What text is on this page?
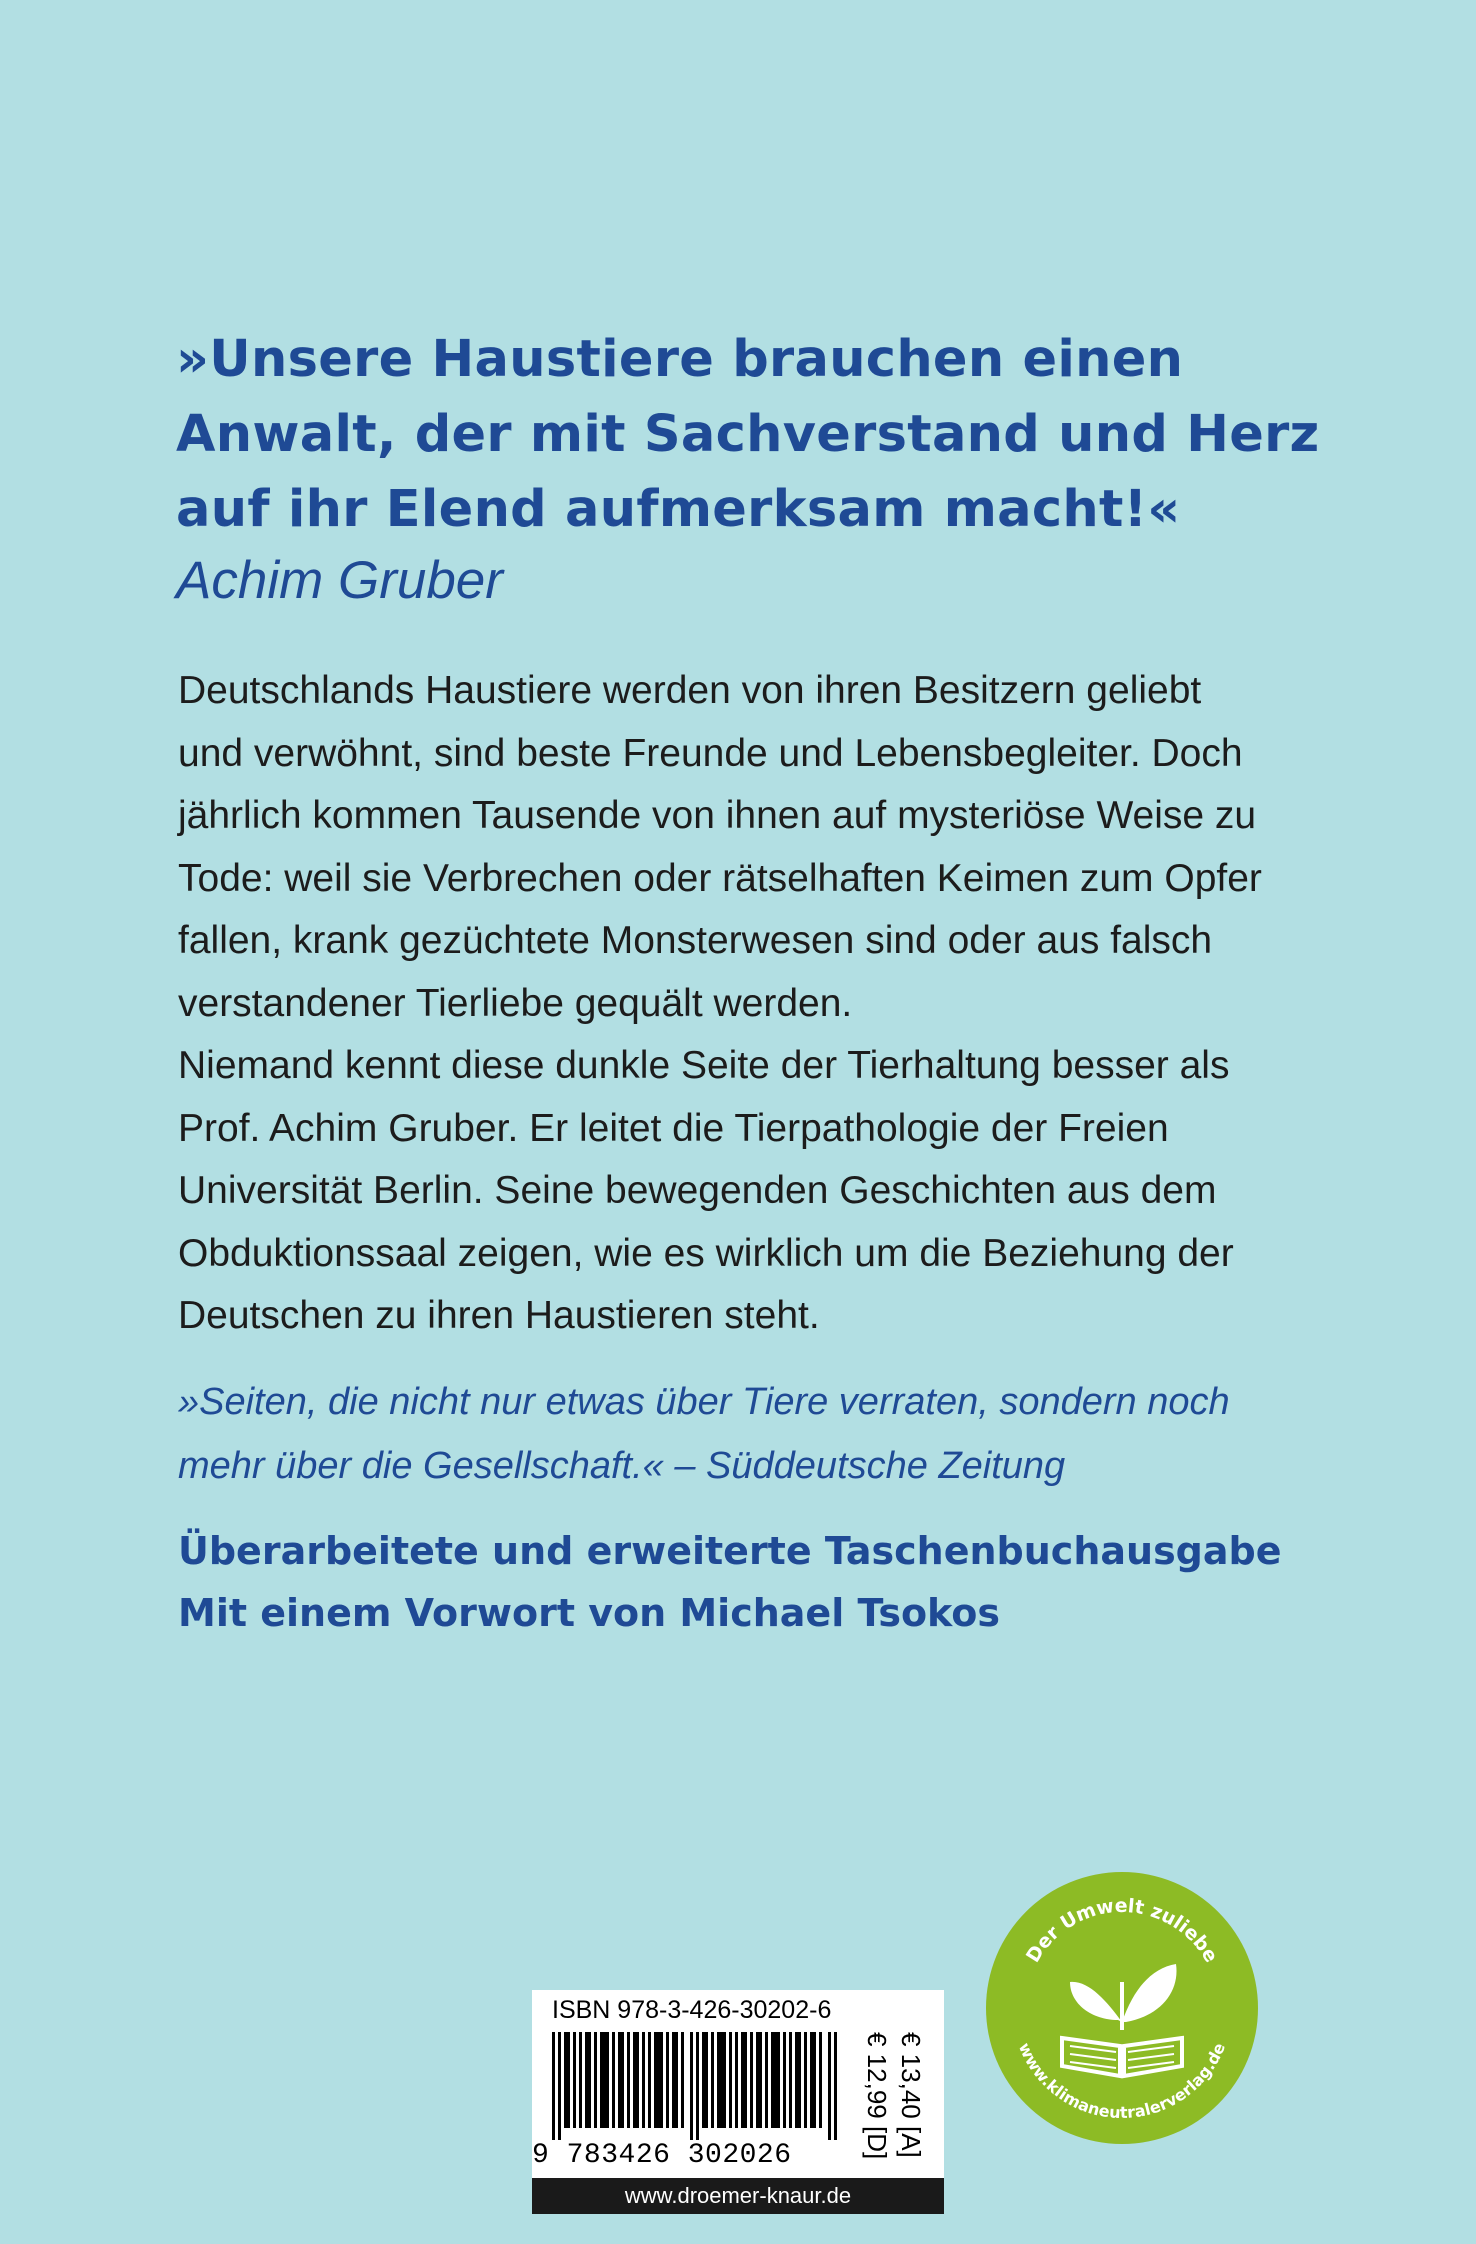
»Unsere Haustiere brauchen einen
Anwalt, der mit Sachverstand und Herz
auf ihr Elend aufmerksam macht!«
Achim Gruber

Deutschlands Haustiere werden von ihren Besitzern geliebt
und verwöhnt, sind beste Freunde und Lebensbegleiter. Doch
jährlich kommen Tausende von ihnen auf mysteriöse Weise zu
Tode: weil sie Verbrechen oder rätselhaften Keimen zum Opfer
fallen, krank gezüchtete Monsterwesen sind oder aus falsch
verstandener Tierliebe gequält werden.

Niemand kennt diese dunkle Seite der Tierhaltung besser als
Prof. Achim Gruber. Er leitet die Tierpathologie der Freien
Universität Berlin. Seine bewegenden Geschichten aus dem
Obduktionssaal zeigen, wie es wirklich um die Beziehung der
Deutschen zu ihren Haustieren steht.

»Seiten, die nicht nur etwas über Tiere verraten, sondern noch
mehr über die Gesellschaft.« – Süddeutsche Zeitung
Überarbeitete und erweiterte Taschenbuchausgabe
Mit einem Vorwort von Michael Tsokos
ISBN 978-3-426-30202-6
9 783426 302026	€ 12,99 [D] € 13,40 [A]
www.droemer-knaur.de
Der Umwelt zuliebe
www.klimaneutralerverlag.de
